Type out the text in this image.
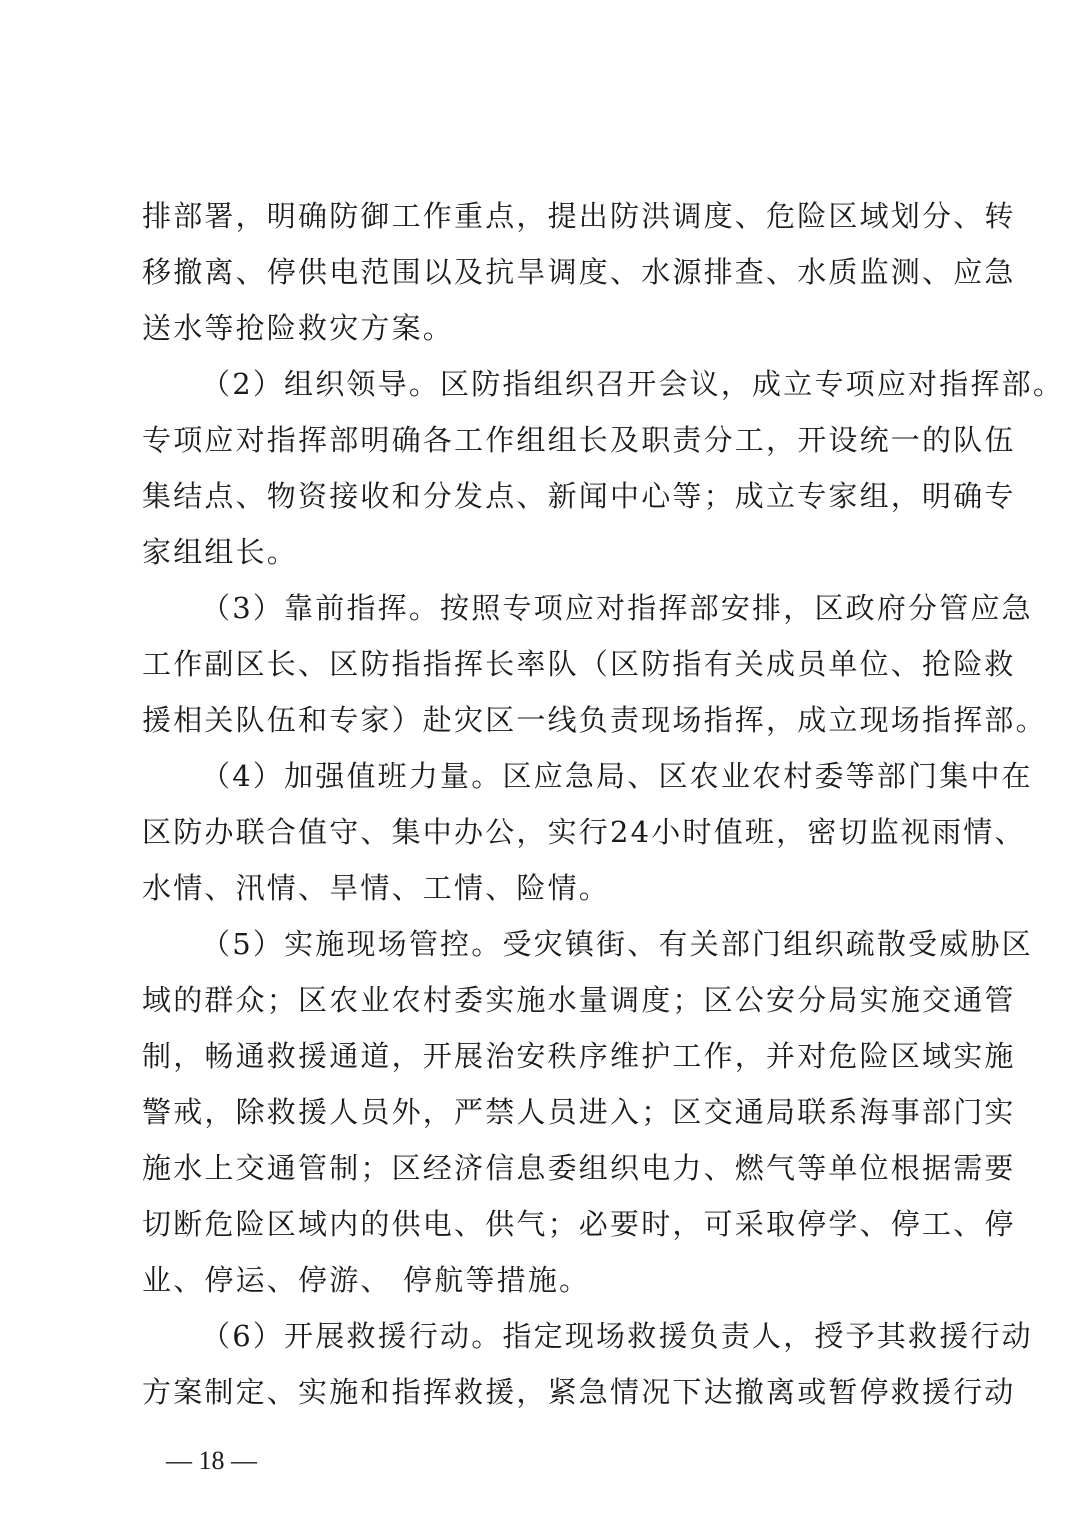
排部署，明确防御工作重点，提出防洪调度、危险区域划分、转
移撤离、停供电范围以及抗旱调度、水源排查、水质监测、应急
送水等抢险救灾方案。
（2）组织领导。区防指组织召开会议，成立专项应对指挥部。
专项应对指挥部明确各工作组组长及职责分工，开设统一的队伍
集结点、物资接收和分发点、新闻中心等；成立专家组，明确专
家组组长。
（3）靠前指挥。按照专项应对指挥部安排，区政府分管应急
工作副区长、区防指指挥长率队（区防指有关成员单位、抢险救
援相关队伍和专家）赴灾区一线负责现场指挥，成立现场指挥部。
（4）加强值班力量。区应急局、区农业农村委等部门集中在
区防办联合值守、集中办公，实行24小时值班，密切监视雨情、
水情、汛情、旱情、工情、险情。
（5）实施现场管控。受灾镇街、有关部门组织疏散受威胁区
域的群众；区农业农村委实施水量调度；区公安分局实施交通管
制，畅通救援通道，开展治安秩序维护工作，并对危险区域实施
警戒，除救援人员外，严禁人员进入；区交通局联系海事部门实
施水上交通管制；区经济信息委组织电力、燃气等单位根据需要
切断危险区域内的供电、供气；必要时，可采取停学、停工、停
业、停运、停游、 停航等措施。
（6）开展救援行动。指定现场救援负责人，授予其救援行动
方案制定、实施和指挥救援，紧急情况下达撤离或暂停救援行动
— 18 —
